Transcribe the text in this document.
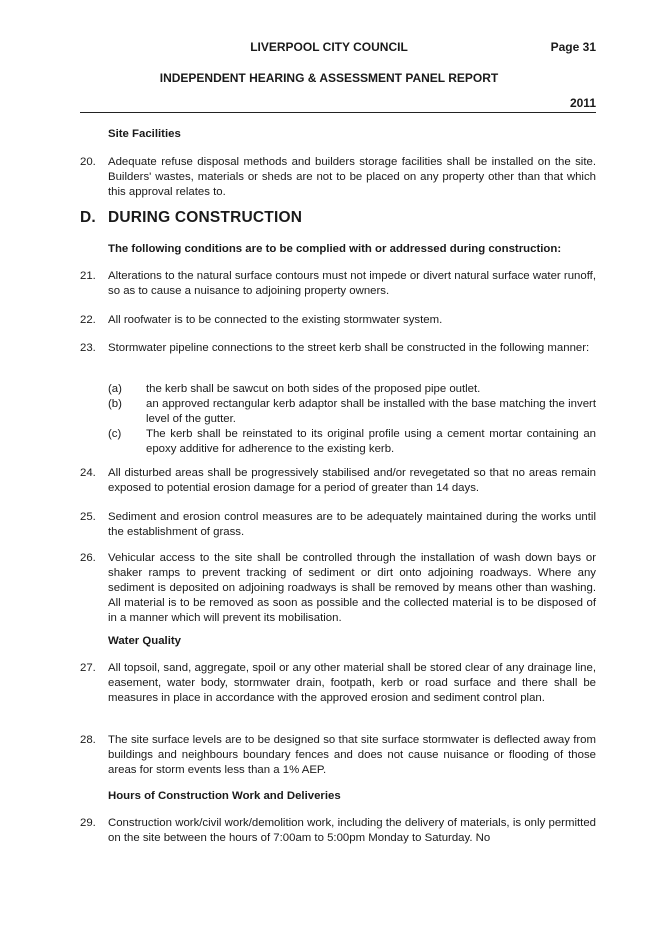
LIVERPOOL CITY COUNCIL	Page 31
INDEPENDENT HEARING & ASSESSMENT PANEL REPORT
2011
Site Facilities
20. Adequate refuse disposal methods and builders storage facilities shall be installed on the site. Builders' wastes, materials or sheds are not to be placed on any property other than that which this approval relates to.
D. DURING CONSTRUCTION
The following conditions are to be complied with or addressed during construction:
21. Alterations to the natural surface contours must not impede or divert natural surface water runoff, so as to cause a nuisance to adjoining property owners.
22. All roofwater is to be connected to the existing stormwater system.
23. Stormwater pipeline connections to the street kerb shall be constructed in the following manner:
(a) the kerb shall be sawcut on both sides of the proposed pipe outlet.
(b) an approved rectangular kerb adaptor shall be installed with the base matching the invert level of the gutter.
(c) The kerb shall be reinstated to its original profile using a cement mortar containing an epoxy additive for adherence to the existing kerb.
24. All disturbed areas shall be progressively stabilised and/or revegetated so that no areas remain exposed to potential erosion damage for a period of greater than 14 days.
25. Sediment and erosion control measures are to be adequately maintained during the works until the establishment of grass.
26. Vehicular access to the site shall be controlled through the installation of wash down bays or shaker ramps to prevent tracking of sediment or dirt onto adjoining roadways. Where any sediment is deposited on adjoining roadways is shall be removed by means other than washing. All material is to be removed as soon as possible and the collected material is to be disposed of in a manner which will prevent its mobilisation.
Water Quality
27. All topsoil, sand, aggregate, spoil or any other material shall be stored clear of any drainage line, easement, water body, stormwater drain, footpath, kerb or road surface and there shall be measures in place in accordance with the approved erosion and sediment control plan.
28. The site surface levels are to be designed so that site surface stormwater is deflected away from buildings and neighbours boundary fences and does not cause nuisance or flooding of those areas for storm events less than a 1% AEP.
Hours of Construction Work and Deliveries
29. Construction work/civil work/demolition work, including the delivery of materials, is only permitted on the site between the hours of 7:00am to 5:00pm Monday to Saturday. No
